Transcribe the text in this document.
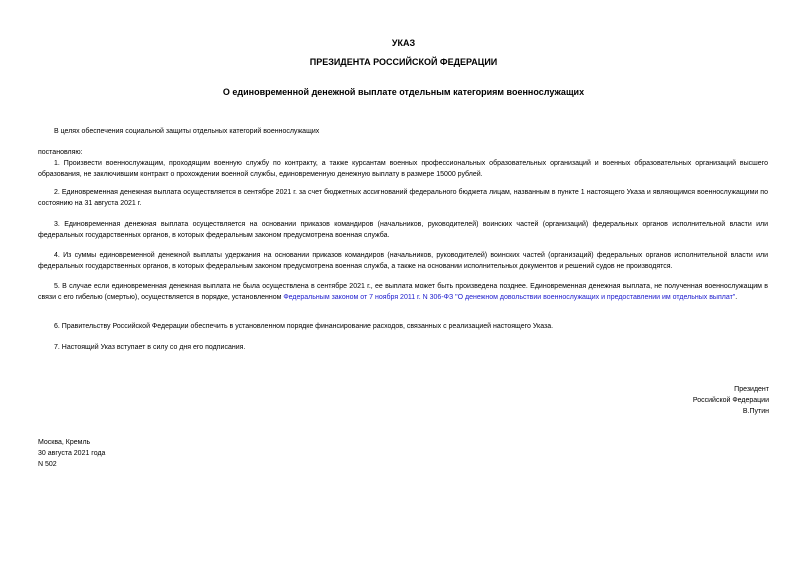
УКАЗ
ПРЕЗИДЕНТА РОССИЙСКОЙ ФЕДЕРАЦИИ
О единовременной денежной выплате отдельным категориям военнослужащих
В целях обеспечения социальной защиты отдельных категорий военнослужащих
постановляю:
1. Произвести военнослужащим, проходящим военную службу по контракту, а также курсантам военных профессиональных образовательных организаций и военных образовательных организаций высшего образования, не заключившим контракт о прохождении военной службы, единовременную денежную выплату в размере 15000 рублей.
2. Единовременная денежная выплата осуществляется в сентябре 2021 г. за счет бюджетных ассигнований федерального бюджета лицам, названным в пункте 1 настоящего Указа и являющимся военнослужащими по состоянию на 31 августа 2021 г.
3. Единовременная денежная выплата осуществляется на основании приказов командиров (начальников, руководителей) воинских частей (организаций) федеральных органов исполнительной власти или федеральных государственных органов, в которых федеральным законом предусмотрена военная служба.
4. Из суммы единовременной денежной выплаты удержания на основании приказов командиров (начальников, руководителей) воинских частей (организаций) федеральных органов исполнительной власти или федеральных государственных органов, в которых федеральным законом предусмотрена военная служба, а также на основании исполнительных документов и решений судов не производятся.
5. В случае если единовременная денежная выплата не была осуществлена в сентябре 2021 г., ее выплата может быть произведена позднее. Единовременная денежная выплата, не полученная военнослужащим в связи с его гибелью (смертью), осуществляется в порядке, установленном Федеральным законом от 7 ноября 2011 г. N 306-ФЗ "О денежном довольствии военнослужащих и предоставлении им отдельных выплат".
6. Правительству Российской Федерации обеспечить в установленном порядке финансирование расходов, связанных с реализацией настоящего Указа.
7. Настоящий Указ вступает в силу со дня его подписания.
Президент
Российской Федерации
В.Путин
Москва, Кремль
30 августа 2021 года
N 502
